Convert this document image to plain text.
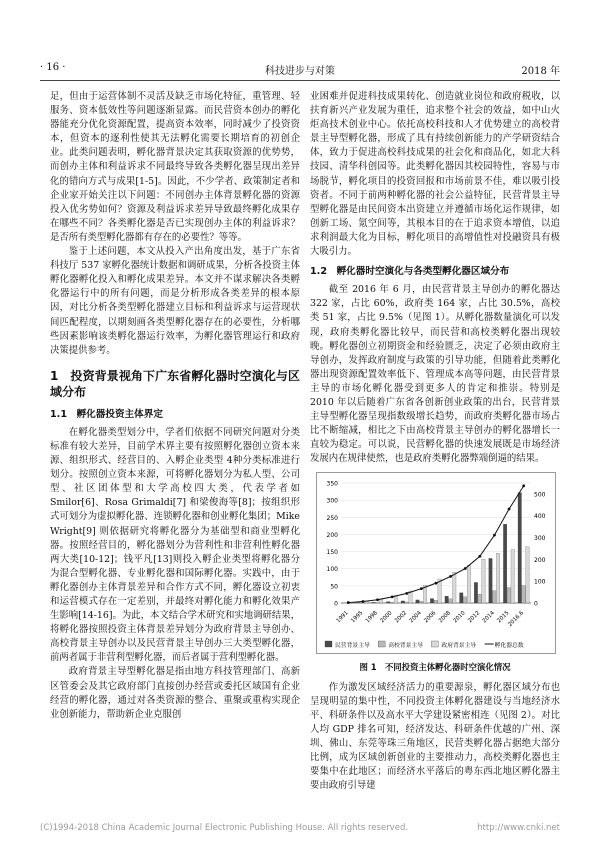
· 16 ·	科技进步与对策	2018 年

足，但由于运营体制不灵活及缺乏市场化特征，重管理、轻服务、资本低效性等问题逐渐显露。而民营资本创办的孵化器能充分优化资源配置，提高资本效率，同时减少了投资资本，但资本的逐利性使其无法孵化需要长期培育的初创企业。此类问题表明，孵化器背景决定其获取资源的优势势，而创办主体和利益诉求不同最终导致各类孵化器呈现出差异化的错向方式与成果[1-5]。因此，不少学者、政策制定者和企业家开始关注以下问题：不同创办主体背景孵化器的资源投入优劣势如何？资源及利益诉求差异导致最终孵化成果存在哪些不同？各类孵化器是否已实现创办主体的利益诉求？是否所有类型孵化器都有存在的必要性？等等。

鉴于上述问题，本文从投入产出角度出发，基于广东省科技厅 537 家孵化器统计数据和调研成果，分析各投资主体孵化器孵化投入和孵化成果差异。本文并不谋求解决各类孵化器运行中的所有问题，而是分析形成各类差异的根本原因，对比分析各类型孵化器建立目标和利益诉求与运营现状间匹配程度，以期刻画各类型孵化器存在的必要性，分析哪些因素影响该类孵化器运行效率，为孵化器管理运行和政府决策提供参考。

1　投资背景视角下广东省孵化器时空演化与区域分布
1.1　孵化器投资主体界定

在孵化器类型划分中，学者们依据不同研究问题对分类标准有较大差异，目前学术界主要有按照孵化器创立资本来源、组织形式、经营目的、入孵企业类型 4种分类标准进行划分。按照创立资本来源，可将孵化器划分为私人型、公司型、社区团体型和大学高校四大类，代表学者如 Smilor[6]、Rosa Grimaldi[7] 和梁俊海等[8]；按组织形式可划分为虚拟孵化器、连锁孵化器和创业孵化集团；Mike Wright[9] 则依据研究将孵化器分为基础型和商业型孵化器。按照经营目的，孵化器划分为营利性和非营利性孵化器两大类[10-12]；钱平凡[13]则投入孵企业类型将孵化器分为混合型孵化器、专业孵化器和国际孵化器。实践中，由于孵化器创办主体背景差异和合作方式不同，孵化器设立初衷和运营模式存在一定差别，并最终对孵化能力和孵化效果产生影响[14-16]。为此，本文结合学术研究和实地调研结果，将孵化器按照投资主体背景差异划分为政府背景主导创办、高校背景主导创办以及民营背景主导创办三大类型孵化器，前两者属于非营利型孵化器，而后者属于营利型孵化器。

政府背景主导型孵化器是指由地方科技管理部门、高新区管委会及其它政府部门直接创办经营或委托区域国有企业经营的孵化器，通过对各类资源的整合、重聚或重构实现企业创新能力，帮助新企业克服创

业困难并促进科技成果转化、创造就业岗位和政府税收，以扶育新兴产业发展为重任，追求整个社会的效益，如中山火炬高技术创业中心。依托高校科技和人才优势建立的高校背景主导型孵化器，形成了具有持续创新能力的产学研资结合体，致力于促进高校科技成果的社会化和商品化，如北大科技园、清华科创园等。此类孵化器因其校园特性，容易与市场脱节，孵化项目的投资回报和市场前景不佳，难以吸引投资者。不同于前两种孵化器的社会公益特征，民营背景主导型孵化器是由民间资本出资建立并遵循市场化运作规律，如创新工场、氪空间等，其根本目的在于追求资本增值，以追求利润最大化为目标，孵化项目的高增值性对投融资具有极大吸引力。

1.2　孵化器时空演化与各类型孵化器区域分布

截至 2016 年 6 月，由民营背景主导创办的孵化器达 322 家，占比 60%，政府类 164 家，占比 30.5%，高校类 51 家，占比 9.5%（见图 1）。从孵化器数量演化可以发现，政府类孵化器比较早，而民营和高校类孵化器出现较晚。孵化器创立初期资金和经验匮乏，决定了必须由政府主导创办，发挥政府制度与政策的引导功能，但随着此类孵化器出现资源配置效率低下、管理成本高等问题，由民营背景主导的市场化孵化器受到更多人的肯定和推崇。特别是 2010 年以后随着广东省各创新创业政策的出台，民营背景主导型孵化器呈现指数级增长趋势，而政府类孵化器市场占比不断缩减，相比之下由高校背景主导创办的孵化器增长一直较为稳定。可以说，民营孵化器的快速发展既是市场经济发展内在规律使然，也是政府类孵化器弊端倒逼的结果。

0
50
100
150
200
250
300
350
0
100
200
300
400
500
1991 1995 1998 2000 2002 2004 2006 2008 2010 2012 2014 2015
2016.6
民营背景主导	高校背景主导	政府背景主导	孵化器总数
图 1　不同投资主体孵化器时空演化情况

作为激发区域经济活力的重要源泉，孵化器区域分布也呈现明显的集中性，不同投资主体孵化器建设与当地经济水平、科研条件以及高水平大学建设紧密相连（见图 2）。对比人均 GDP 排名可知，经济发达、科研条件优越的广州、深圳、佛山、东莞等珠三角地区，民营类孵化器占据绝大部分比例，成为区域创新创业的主要推动力，高校类孵化器也主要集中在此地区；而经济水平落后的粤东西北地区孵化器主要由政府引导建

(C)1994-2018 China Academic Journal Electronic Publishing House. All rights reserved.	http://www.cnki.net
